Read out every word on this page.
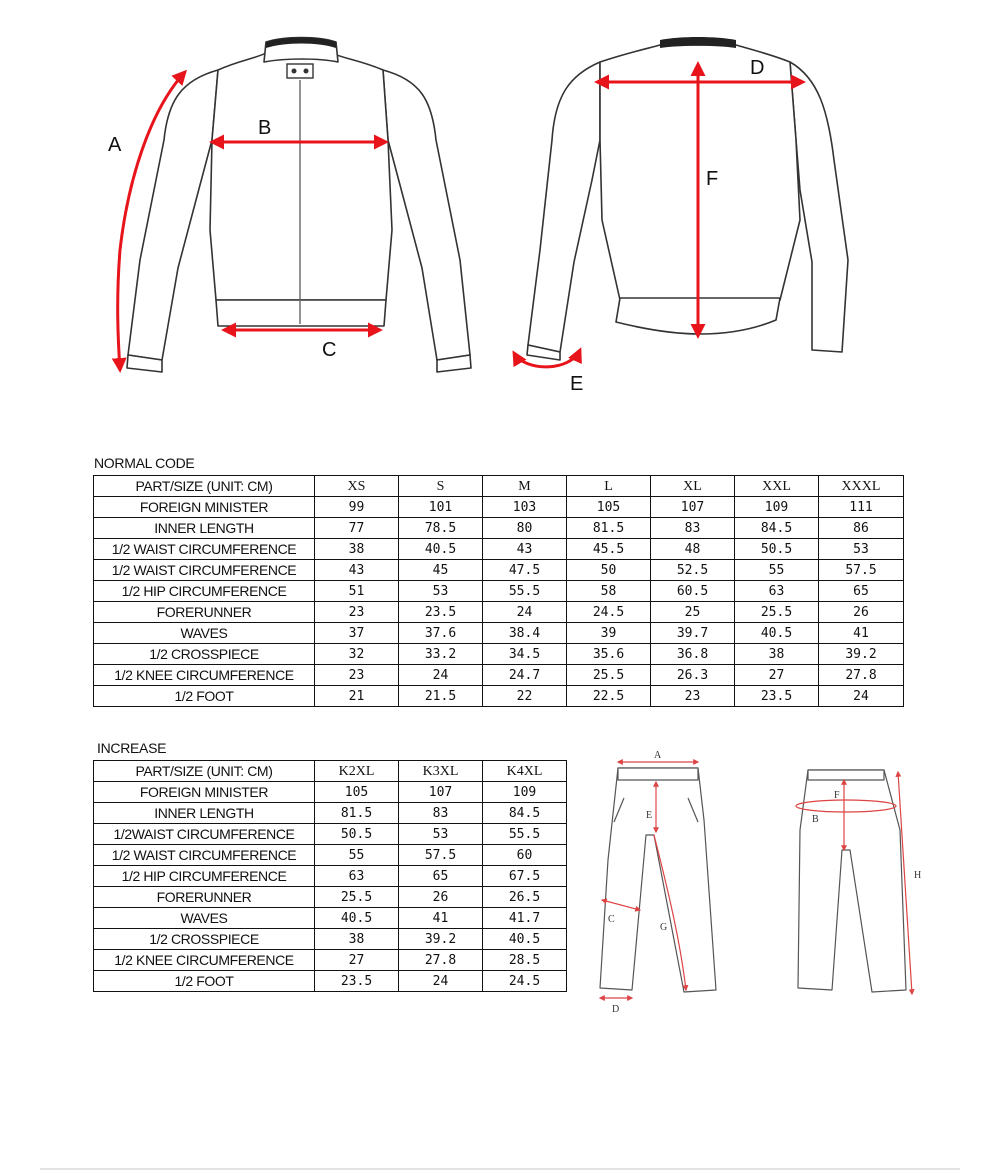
A
B
C
D
E
F
NORMAL CODE
PART/SIZE (UNIT: CM)	XS	S	M	L	XL	XXL	XXXL
FOREIGN MINISTER	99	101	103	105	107	109	111
INNER LENGTH	77	78.5	80	81.5	83	84.5	86
1/2 WAIST CIRCUMFERENCE	38	40.5	43	45.5	48	50.5	53
1/2 WAIST CIRCUMFERENCE	43	45	47.5	50	52.5	55	57.5
1/2 HIP CIRCUMFERENCE	51	53	55.5	58	60.5	63	65
FORERUNNER	23	23.5	24	24.5	25	25.5	26
WAVES	37	37.6	38.4	39	39.7	40.5	41
1/2 CROSSPIECE	32	33.2	34.5	35.6	36.8	38	39.2
1/2 KNEE CIRCUMFERENCE	23	24	24.7	25.5	26.3	27	27.8
1/2 FOOT	21	21.5	22	22.5	23	23.5	24
INCREASE
PART/SIZE (UNIT: CM)	K2XL	K3XL	K4XL
FOREIGN MINISTER	105	107	109
INNER LENGTH	81.5	83	84.5
1/2WAIST CIRCUMFERENCE	50.5	53	55.5
1/2 WAIST CIRCUMFERENCE	55	57.5	60
1/2 HIP CIRCUMFERENCE	63	65	67.5
FORERUNNER	25.5	26	26.5
WAVES	40.5	41	41.7
1/2 CROSSPIECE	38	39.2	40.5
1/2 KNEE CIRCUMFERENCE	27	27.8	28.5
1/2 FOOT	23.5	24	24.5
A
E
C
G
D
B
F
H
